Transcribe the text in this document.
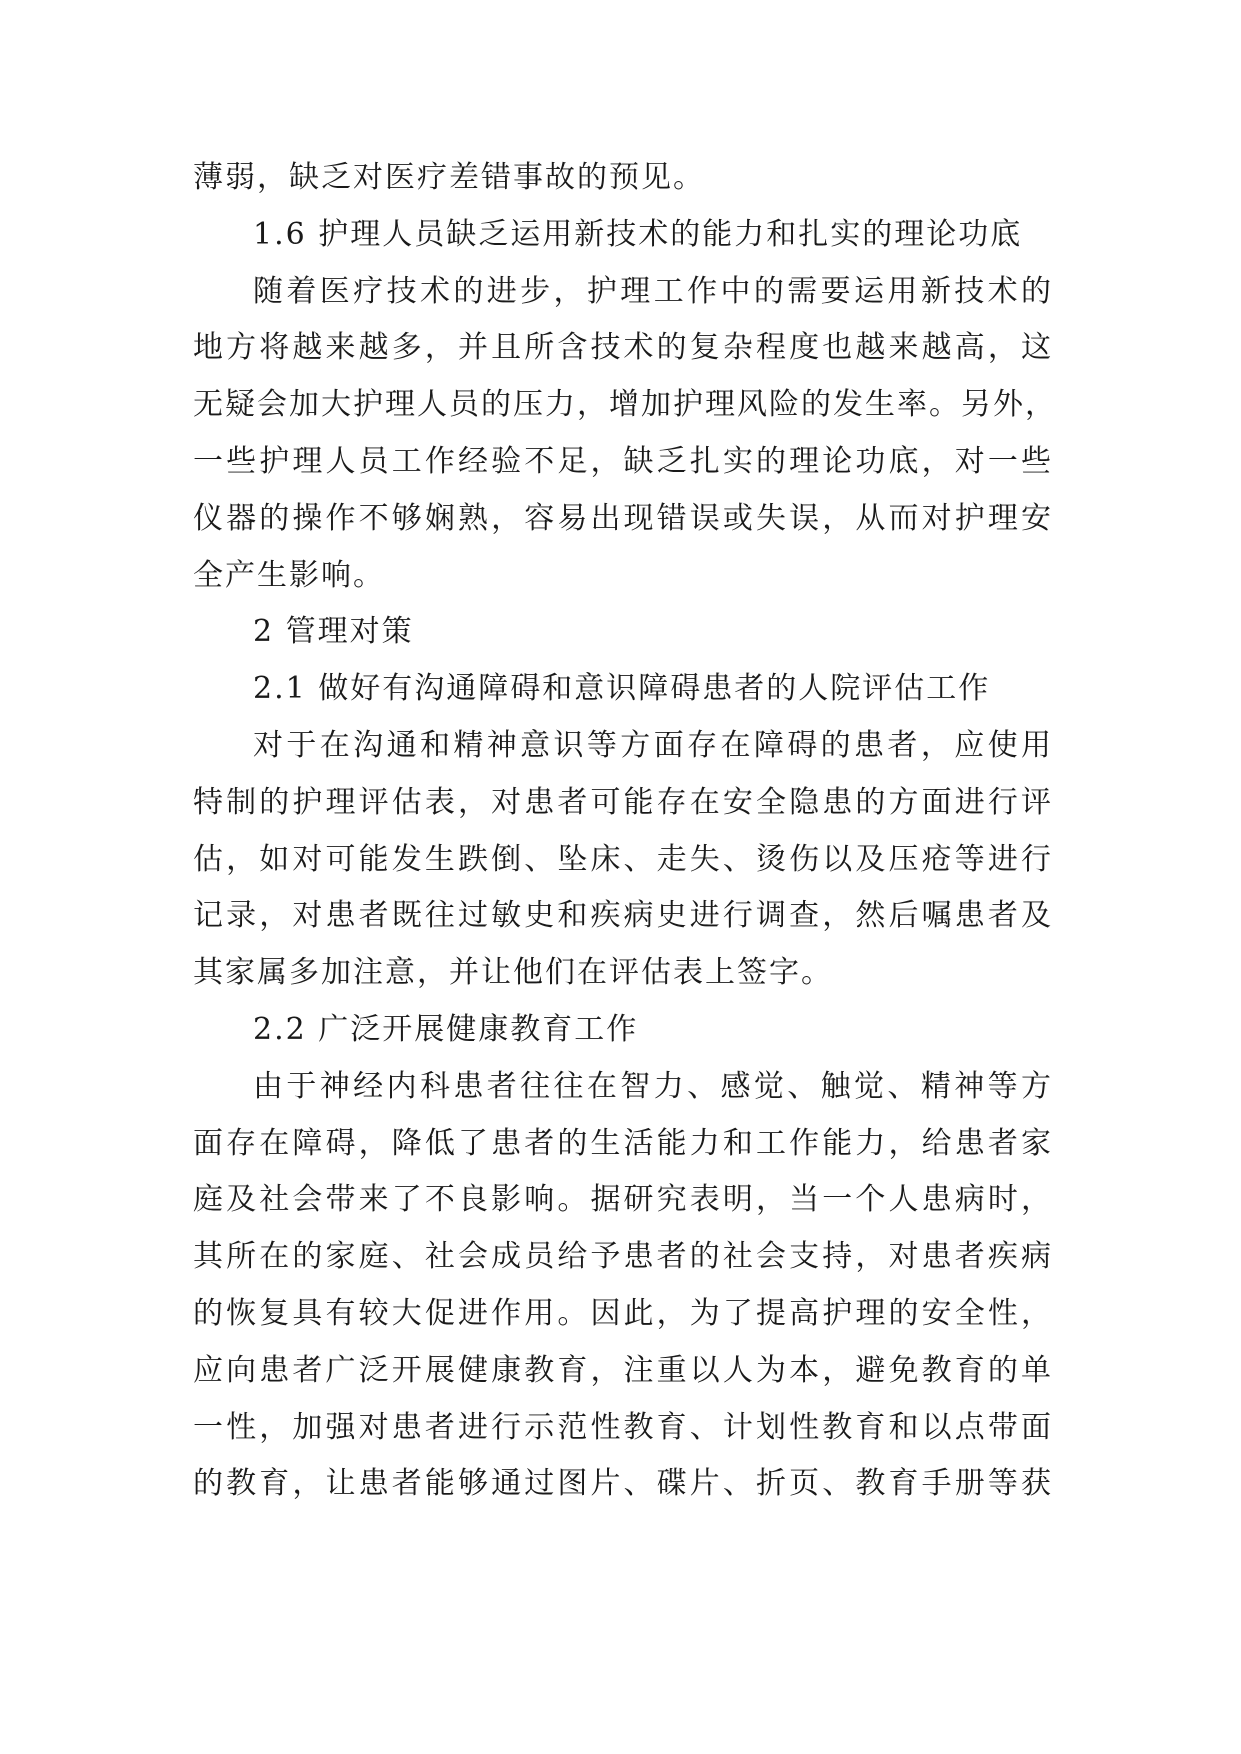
薄弱，缺乏对医疗差错事故的预见。
1.6 护理人员缺乏运用新技术的能力和扎实的理论功底
随着医疗技术的进步，护理工作中的需要运用新技术的
地方将越来越多，并且所含技术的复杂程度也越来越高，这
无疑会加大护理人员的压力，增加护理风险的发生率。另外，
一些护理人员工作经验不足，缺乏扎实的理论功底，对一些
仪器的操作不够娴熟，容易出现错误或失误，从而对护理安
全产生影响。
2 管理对策
2.1 做好有沟通障碍和意识障碍患者的人院评估工作
对于在沟通和精神意识等方面存在障碍的患者，应使用
特制的护理评估表，对患者可能存在安全隐患的方面进行评
估，如对可能发生跌倒、坠床、走失、烫伤以及压疮等进行
记录，对患者既往过敏史和疾病史进行调查，然后嘱患者及
其家属多加注意，并让他们在评估表上签字。
2.2 广泛开展健康教育工作
由于神经内科患者往往在智力、感觉、触觉、精神等方
面存在障碍，降低了患者的生活能力和工作能力，给患者家
庭及社会带来了不良影响。据研究表明，当一个人患病时，
其所在的家庭、社会成员给予患者的社会支持，对患者疾病
的恢复具有较大促进作用。因此，为了提高护理的安全性，
应向患者广泛开展健康教育，注重以人为本，避免教育的单
一性，加强对患者进行示范性教育、计划性教育和以点带面
的教育，让患者能够通过图片、碟片、折页、教育手册等获
